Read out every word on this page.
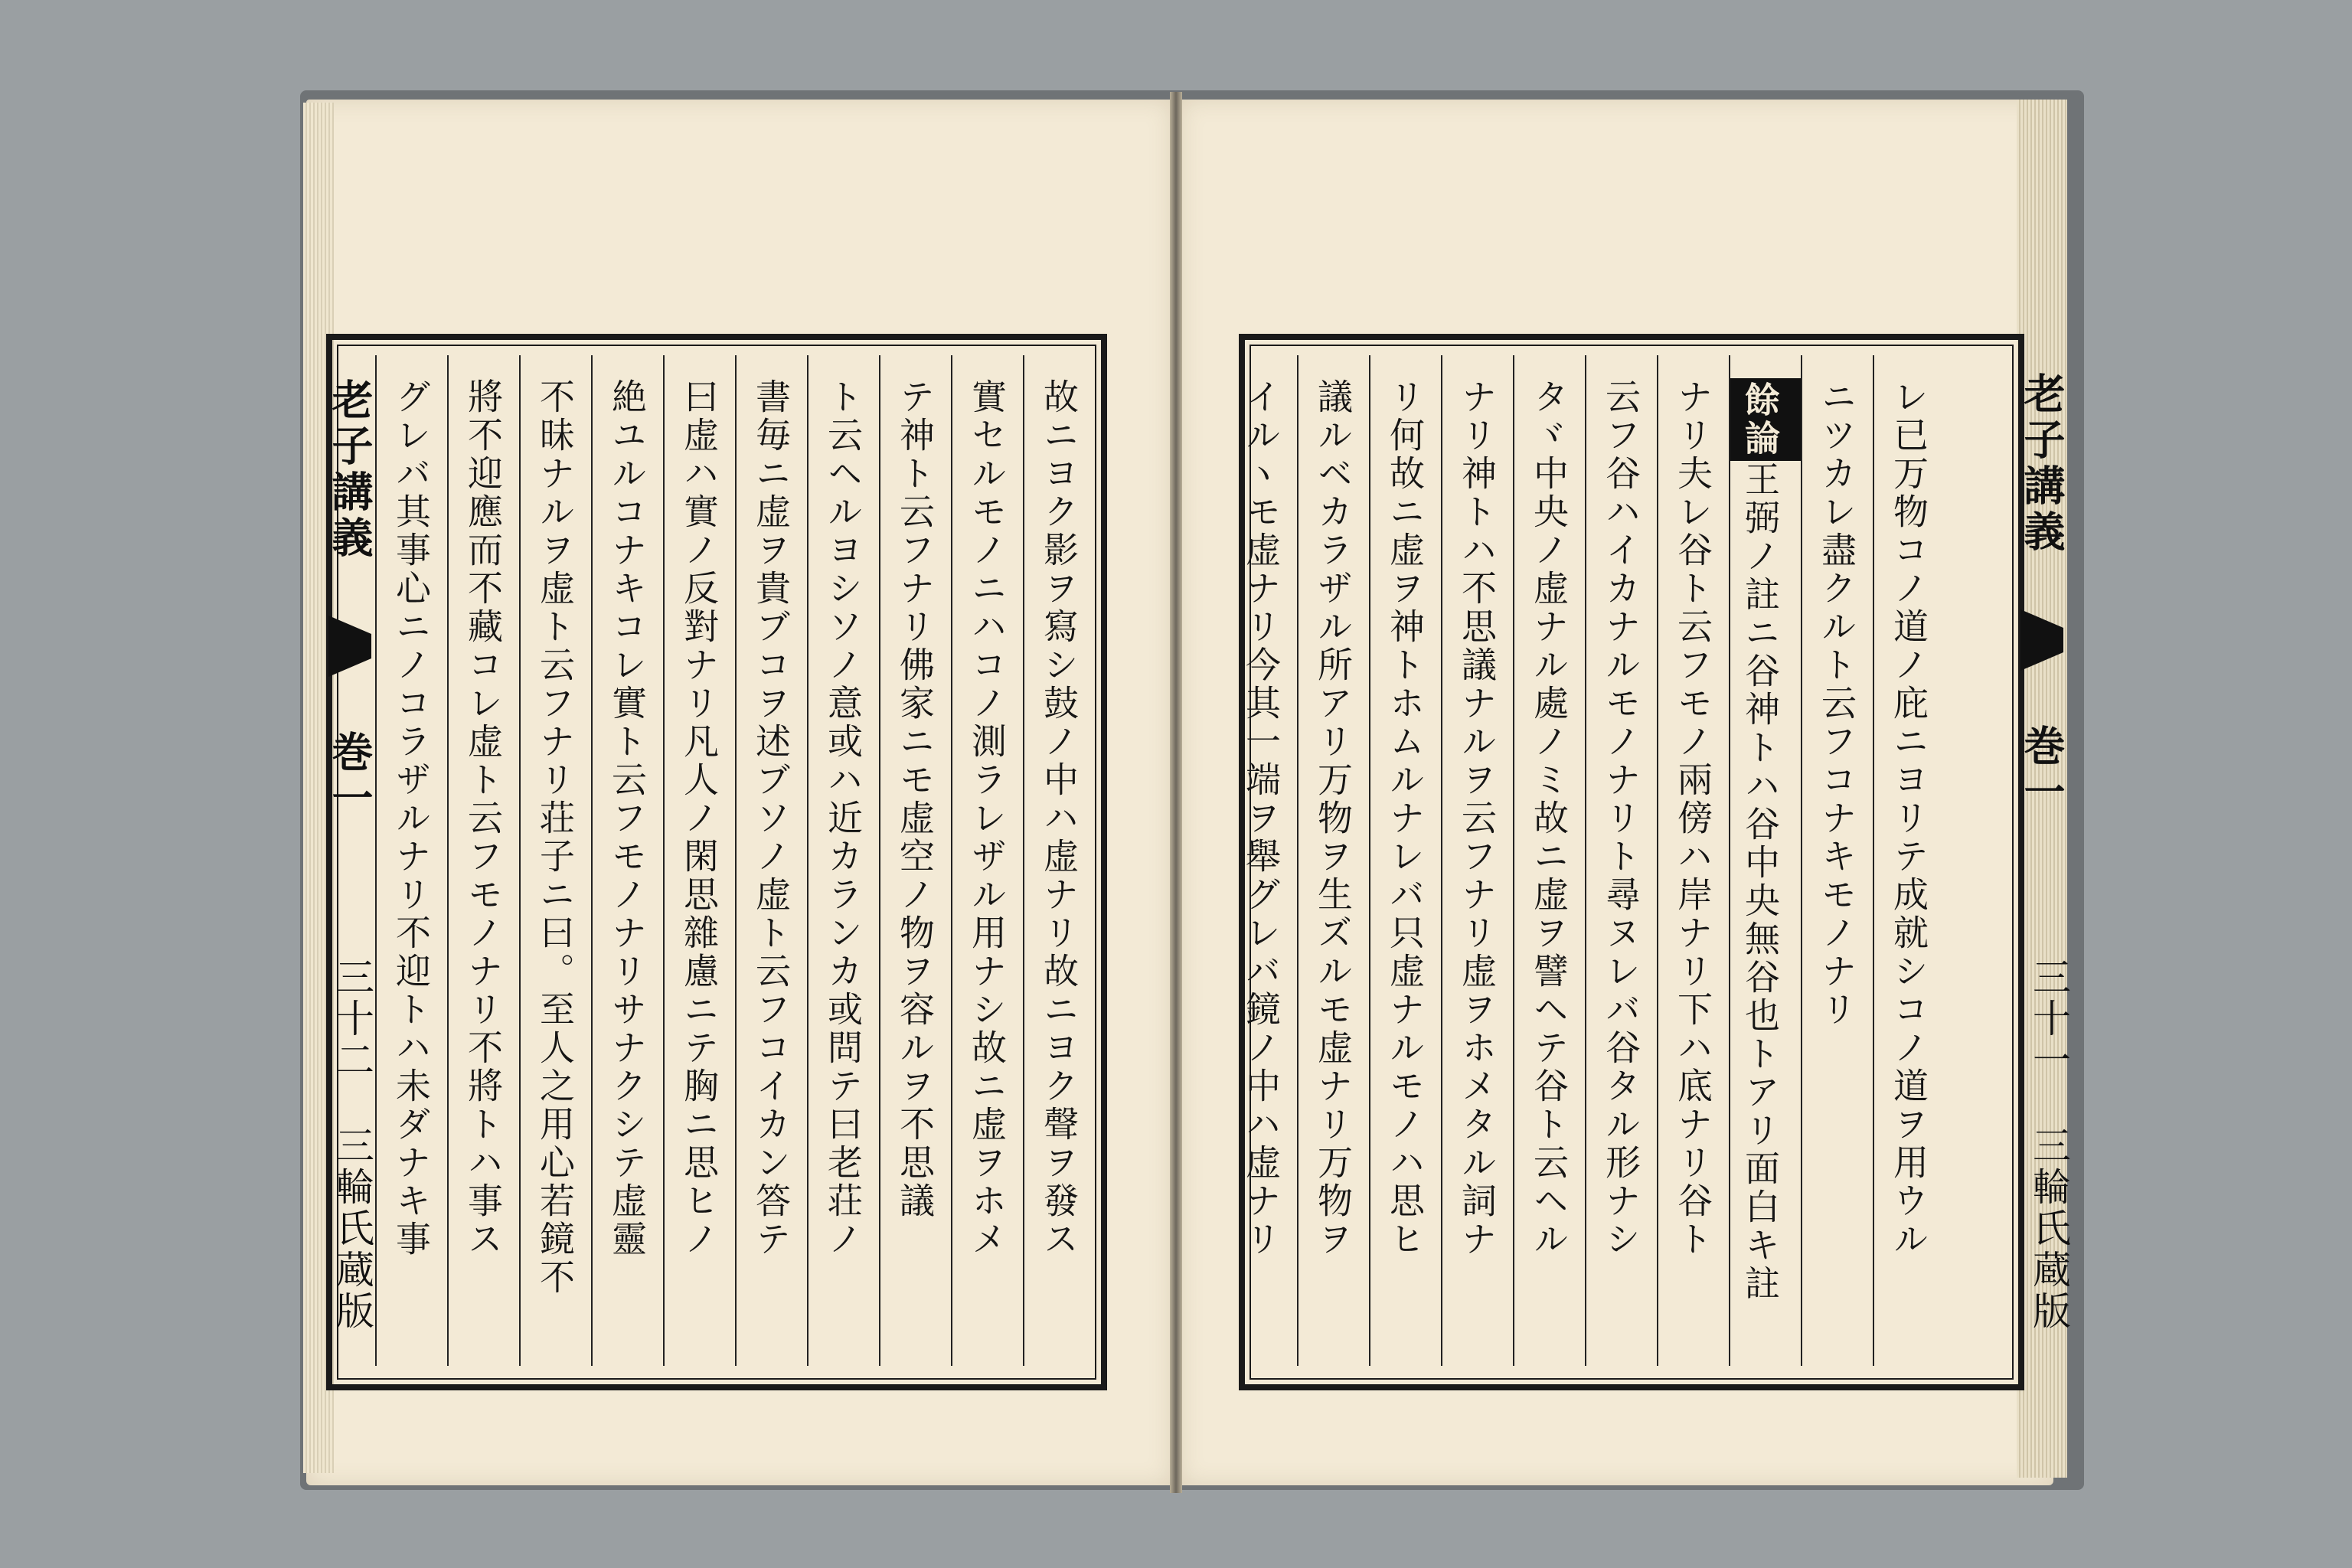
故ニヨク影ヲ寫シ鼓ノ中ハ虚ナリ故ニヨク聲ヲ發ス
實セルモノニハコノ測ラレザル用ナシ故ニ虚ヲホメ
テ神ト云フナリ佛家ニモ虚空ノ物ヲ容ルヲ不思議
ト云ヘルヨシソノ意或ハ近カランカ或問テ曰老荘ノ
書毎ニ虚ヲ貴ブコヲ述ブソノ虚ト云フコイカン答テ
曰虚ハ實ノ反對ナリ凡人ノ閑思雜慮ニテ胸ニ思ヒノ
絶ユルコナキコレ實ト云フモノナリサナクシテ虚靈
不昧ナルヲ虚ト云フナリ荘子ニ曰。至人之用心若鏡不
將不迎應而不藏コレ虚ト云フモノナリ不將トハ事ス
グレバ其事心ニノコラザルナリ不迎トハ未ダナキ事
老子講義  巻一
三十二
三輪氏蔵版	レ已万物コノ道ノ庇ニヨリテ成就シコノ道ヲ用ウル
ニツカレ盡クルト云フコナキモノナリ
餘論王弼ノ註ニ谷神トハ谷中央無谷也トアリ面白キ註
ナリ夫レ谷ト云フモノ兩傍ハ岸ナリ下ハ底ナリ谷ト
云フ谷ハイカナルモノナリト尋ヌレバ谷タル形ナシ
タヾ中央ノ虚ナル處ノミ故ニ虚ヲ譬ヘテ谷ト云ヘル
ナリ神トハ不思議ナルヲ云フナリ虚ヲホメタル詞ナ
リ何故ニ虚ヲ神トホムルナレバ只虚ナルモノハ思ヒ
議ルベカラザル所アリ万物ヲ生ズルモ虚ナリ万物ヲ
イルヽモ虚ナリ今其一端ヲ舉グレバ鏡ノ中ハ虚ナリ	老子講義  巻一
三十一
三輪氏蔵版
